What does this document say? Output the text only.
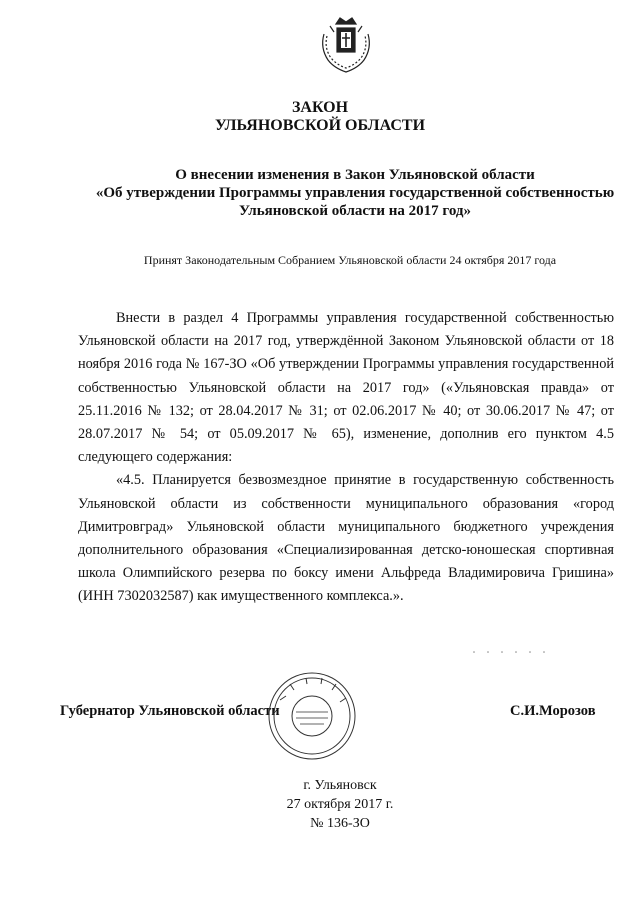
ЗАКОН
УЛЬЯНОВСКОЙ ОБЛАСТИ
О внесении изменения в Закон Ульяновской области
«Об утверждении Программы управления государственной собственностью
Ульяновской области на 2017 год»
Принят Законодательным Собранием Ульяновской области 24 октября 2017 года

Внести в раздел 4 Программы управления государственной собственностью Ульяновской области на 2017 год, утверждённой Законом Ульяновской области от 18 ноября 2016 года № 167-ЗО «Об утверждении Программы управления государственной собственностью Ульяновской области на 2017 год» («Ульяновская правда» от 25.11.2016 № 132; от 28.04.2017 № 31; от 02.06.2017 № 40; от 30.06.2017 № 47; от 28.07.2017 № 54; от 05.09.2017 № 65), изменение, дополнив его пунктом 4.5 следующего содержания:

«4.5. Планируется безвозмездное принятие в государственную собственность Ульяновской области из собственности муниципального образования «город Димитровград» Ульяновской области муниципального бюджетного учреждения дополнительного образования «Специализированная детско-юношеская спортивная школа Олимпийского резерва по боксу имени Альфреда Владимировича Гришина» (ИНН 7302032587) как имущественного комплекса.».

Губернатор Ульяновской области	С.И.Морозов
г. Ульяновск
27 октября 2017 г.
№ 136-ЗО
